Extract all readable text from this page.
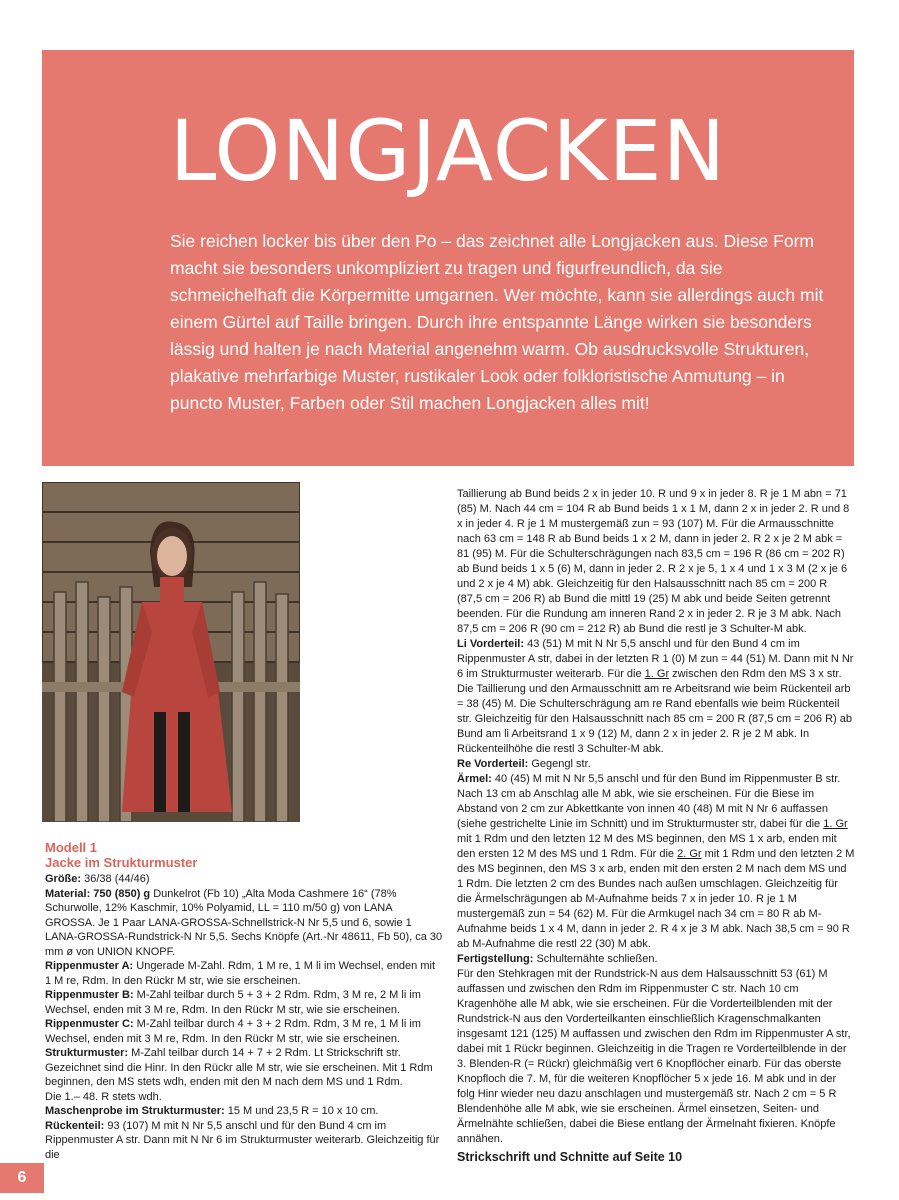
LONGJACKEN

Sie reichen locker bis über den Po – das zeichnet alle Longjacken aus. Diese Form macht sie besonders unkompliziert zu tragen und figurfreundlich, da sie schmeichelhaft die Körpermitte umgarnen. Wer möchte, kann sie allerdings auch mit einem Gürtel auf Taille bringen. Durch ihre entspannte Länge wirken sie besonders lässig und halten je nach Material angenehm warm. Ob ausdrucksvolle Strukturen, plakative mehrfarbige Muster, rustikaler Look oder folkloristische Anmutung – in puncto Muster, Farben oder Stil machen Longjacken alles mit!

Modell 1

Jacke im Strukturmuster

Größe: 36/38 (44/46)

Material: 750 (850) g Dunkelrot (Fb 10) „Alta Moda Cashmere 16“ (78% Schurwolle, 12% Kaschmir, 10% Polyamid, LL = 110 m/50 g) von LANA GROSSA. Je 1 Paar LANA-GROSSA-Schnellstrick-N Nr 5,5 und 6, sowie 1 LANA-GROSSA-Rundstrick-N Nr 5,5. Sechs Knöpfe (Art.-Nr 48611, Fb 50), ca 30 mm ø von UNION KNOPF.

Rippenmuster A: Ungerade M-Zahl. Rdm, 1 M re, 1 M li im Wechsel, enden mit 1 M re, Rdm. In den Rückr M str, wie sie erscheinen.

Rippenmuster B: M-Zahl teilbar durch 5 + 3 + 2 Rdm. Rdm, 3 M re, 2 M li im Wechsel, enden mit 3 M re, Rdm. In den Rückr M str, wie sie erscheinen.

Rippenmuster C: M-Zahl teilbar durch 4 + 3 + 2 Rdm. Rdm, 3 M re, 1 M li im Wechsel, enden mit 3 M re, Rdm. In den Rückr M str, wie sie erscheinen.

Strukturmuster: M-Zahl teilbar durch 14 + 7 + 2 Rdm. Lt Strickschrift str. Gezeichnet sind die Hinr. In den Rückr alle M str, wie sie erscheinen. Mit 1 Rdm beginnen, den MS stets wdh, enden mit den M nach dem MS und 1 Rdm.
Die 1.– 48. R stets wdh.

Maschenprobe im Strukturmuster: 15 M und 23,5 R = 10 x 10 cm.

Rückenteil: 93 (107) M mit N Nr 5,5 anschl und für den Bund 4 cm im Rippenmuster A str. Dann mit N Nr 6 im Strukturmuster weiterarb. Gleichzeitig für die

Taillierung ab Bund beids 2 x in jeder 10. R und 9 x in jeder 8. R je 1 M abn = 71 (85) M. Nach 44 cm = 104 R ab Bund beids 1 x 1 M, dann 2 x in jeder 2. R und 8 x in jeder 4. R je 1 M mustergemäß zun = 93 (107) M. Für die Armausschnitte nach 63 cm = 148 R ab Bund beids 1 x 2 M, dann in jeder 2. R 2 x je 2 M abk = 81 (95) M. Für die Schulterschrägungen nach 83,5 cm = 196 R (86 cm = 202 R) ab Bund beids 1 x 5 (6) M, dann in jeder 2. R 2 x je 5, 1 x 4 und 1 x 3 M (2 x je 6 und 2 x je 4 M) abk. Gleichzeitig für den Halsausschnitt nach 85 cm = 200 R (87,5 cm = 206 R) ab Bund die mittl 19 (25) M abk und beide Seiten getrennt beenden. Für die Rundung am inneren Rand 2 x in jeder 2. R je 3 M abk. Nach 87,5 cm = 206 R (90 cm = 212 R) ab Bund die restl je 3 Schulter-M abk.

Li Vorderteil: 43 (51) M mit N Nr 5,5 anschl und für den Bund 4 cm im Rippenmuster A str, dabei in der letzten R 1 (0) M zun = 44 (51) M. Dann mit N Nr 6 im Strukturmuster weiterarb. Für die 1. Gr zwischen den Rdm den MS 3 x str. Die Taillierung und den Armausschnitt am re Arbeitsrand wie beim Rückenteil arb = 38 (45) M. Die Schulterschrägung am re Rand ebenfalls wie beim Rückenteil str. Gleichzeitig für den Halsausschnitt nach 85 cm = 200 R (87,5 cm = 206 R) ab Bund am li Arbeitsrand 1 x 9 (12) M, dann 2 x in jeder 2. R je 2 M abk. In Rückenteilhöhe die restl 3 Schulter-M abk.

Re Vorderteil: Gegengl str.

Ärmel: 40 (45) M mit N Nr 5,5 anschl und für den Bund im Rippenmuster B str. Nach 13 cm ab Anschlag alle M abk, wie sie erscheinen. Für die Biese im Abstand von 2 cm zur Abkettkante von innen 40 (48) M mit N Nr 6 auffassen (siehe gestrichelte Linie im Schnitt) und im Strukturmuster str, dabei für die 1. Gr mit 1 Rdm und den letzten 12 M des MS beginnen, den MS 1 x arb, enden mit den ersten 12 M des MS und 1 Rdm. Für die 2. Gr mit 1 Rdm und den letzten 2 M des MS beginnen, den MS 3 x arb, enden mit den ersten 2 M nach dem MS und 1 Rdm. Die letzten 2 cm des Bundes nach außen umschlagen. Gleichzeitig für die Ärmelschrägungen ab M-Aufnahme beids 7 x in jeder 10. R je 1 M mustergemäß zun = 54 (62) M. Für die Armkugel nach 34 cm = 80 R ab M-Aufnahme beids 1 x 4 M, dann in jeder 2. R 4 x je 3 M abk. Nach 38,5 cm = 90 R ab M-Aufnahme die restl 22 (30) M abk.

Fertigstellung: Schulternähte schließen.

Für den Stehkragen mit der Rundstrick-N aus dem Halsausschnitt 53 (61) M auffassen und zwischen den Rdm im Rippenmuster C str. Nach 10 cm Kragenhöhe alle M abk, wie sie erscheinen. Für die Vorderteilblenden mit der Rundstrick-N aus den Vorderteilkanten einschließlich Kragenschmalkanten insgesamt 121 (125) M auffassen und zwischen den Rdm im Rippenmuster A str, dabei mit 1 Rückr beginnen. Gleichzeitig in die Tragen re Vorderteilblende in der 3. Blenden-R (= Rückr) gleichmäßig vert 6 Knopflöcher einarb. Für das oberste Knopfloch die 7. M, für die weiteren Knopflöcher 5 x jede 16. M abk und in der folg Hinr wieder neu dazu anschlagen und mustergemäß str. Nach 2 cm = 5 R Blendenhöhe alle M abk, wie sie erscheinen. Ärmel einsetzen, Seiten- und Ärmelnähte schließen, dabei die Biese entlang der Ärmelnaht fixieren. Knöpfe annähen.

Strickschrift und Schnitte auf Seite 10

6
